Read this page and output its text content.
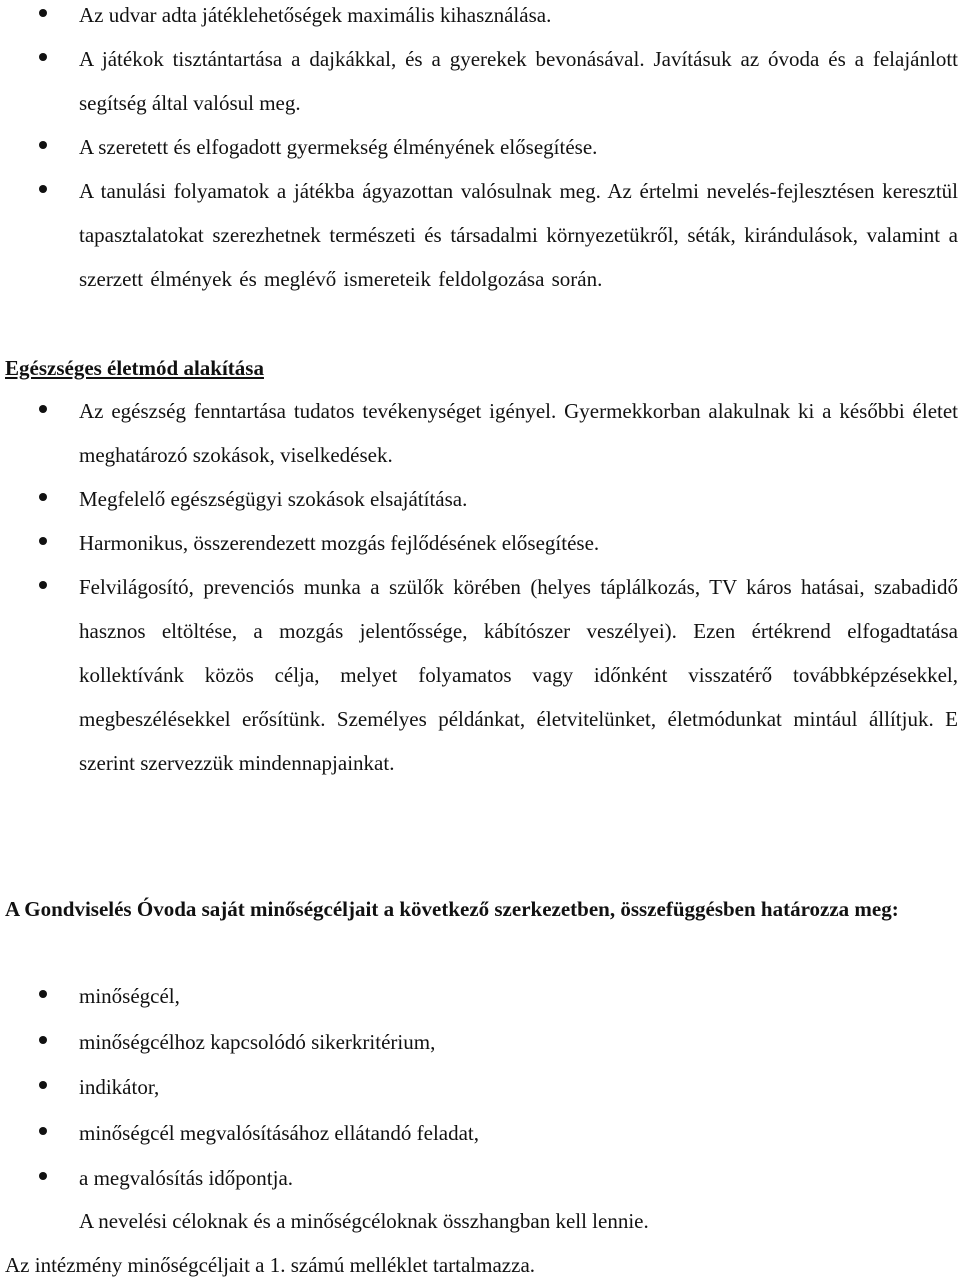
Az udvar adta játéklehetőségek maximális kihasználása.
A játékok tisztántartása a dajkákkal, és a gyerekek bevonásával. Javításuk az óvoda és a felajánlott segítség által valósul meg.
A szeretett és elfogadott gyermekség élményének elősegítése.
A tanulási folyamatok a játékba ágyazottan valósulnak meg. Az értelmi nevelés-fejlesztésen keresztül tapasztalatokat szerezhetnek természeti és társadalmi környezetükről, séták, kirándulások, valamint a szerzett élmények és meglévő ismereteik feldolgozása során.

Egészséges életmód alakítása

Az egészség fenntartása tudatos tevékenységet igényel. Gyermekkorban alakulnak ki a későbbi életet meghatározó szokások, viselkedések.
Megfelelő egészségügyi szokások elsajátítása.
Harmonikus, összerendezett mozgás fejlődésének elősegítése.
Felvilágosító, prevenciós munka a szülők körében (helyes táplálkozás, TV káros hatásai, szabadidő hasznos eltöltése, a mozgás jelentőssége, kábítószer veszélyei). Ezen értékrend elfogadtatása kollektívánk közös célja, melyet folyamatos vagy időnként visszatérő továbbképzésekkel, megbeszélésekkel erősítünk. Személyes példánkat, életvitelünket, életmódunkat mintául állítjuk. E szerint szervezzük mindennapjainkat.

A Gondviselés Óvoda saját minőségcéljait a következő szerkezetben, összefüggésben határozza meg:

minőségcél,
minőségcélhoz kapcsolódó sikerkritérium,
indikátor,
minőségcél megvalósításához ellátandó feladat,
a megvalósítás időpontja.

A nevelési céloknak és a minőségcéloknak összhangban kell lennie.

Az intézmény minőségcéljait a 1. számú melléklet tartalmazza.
